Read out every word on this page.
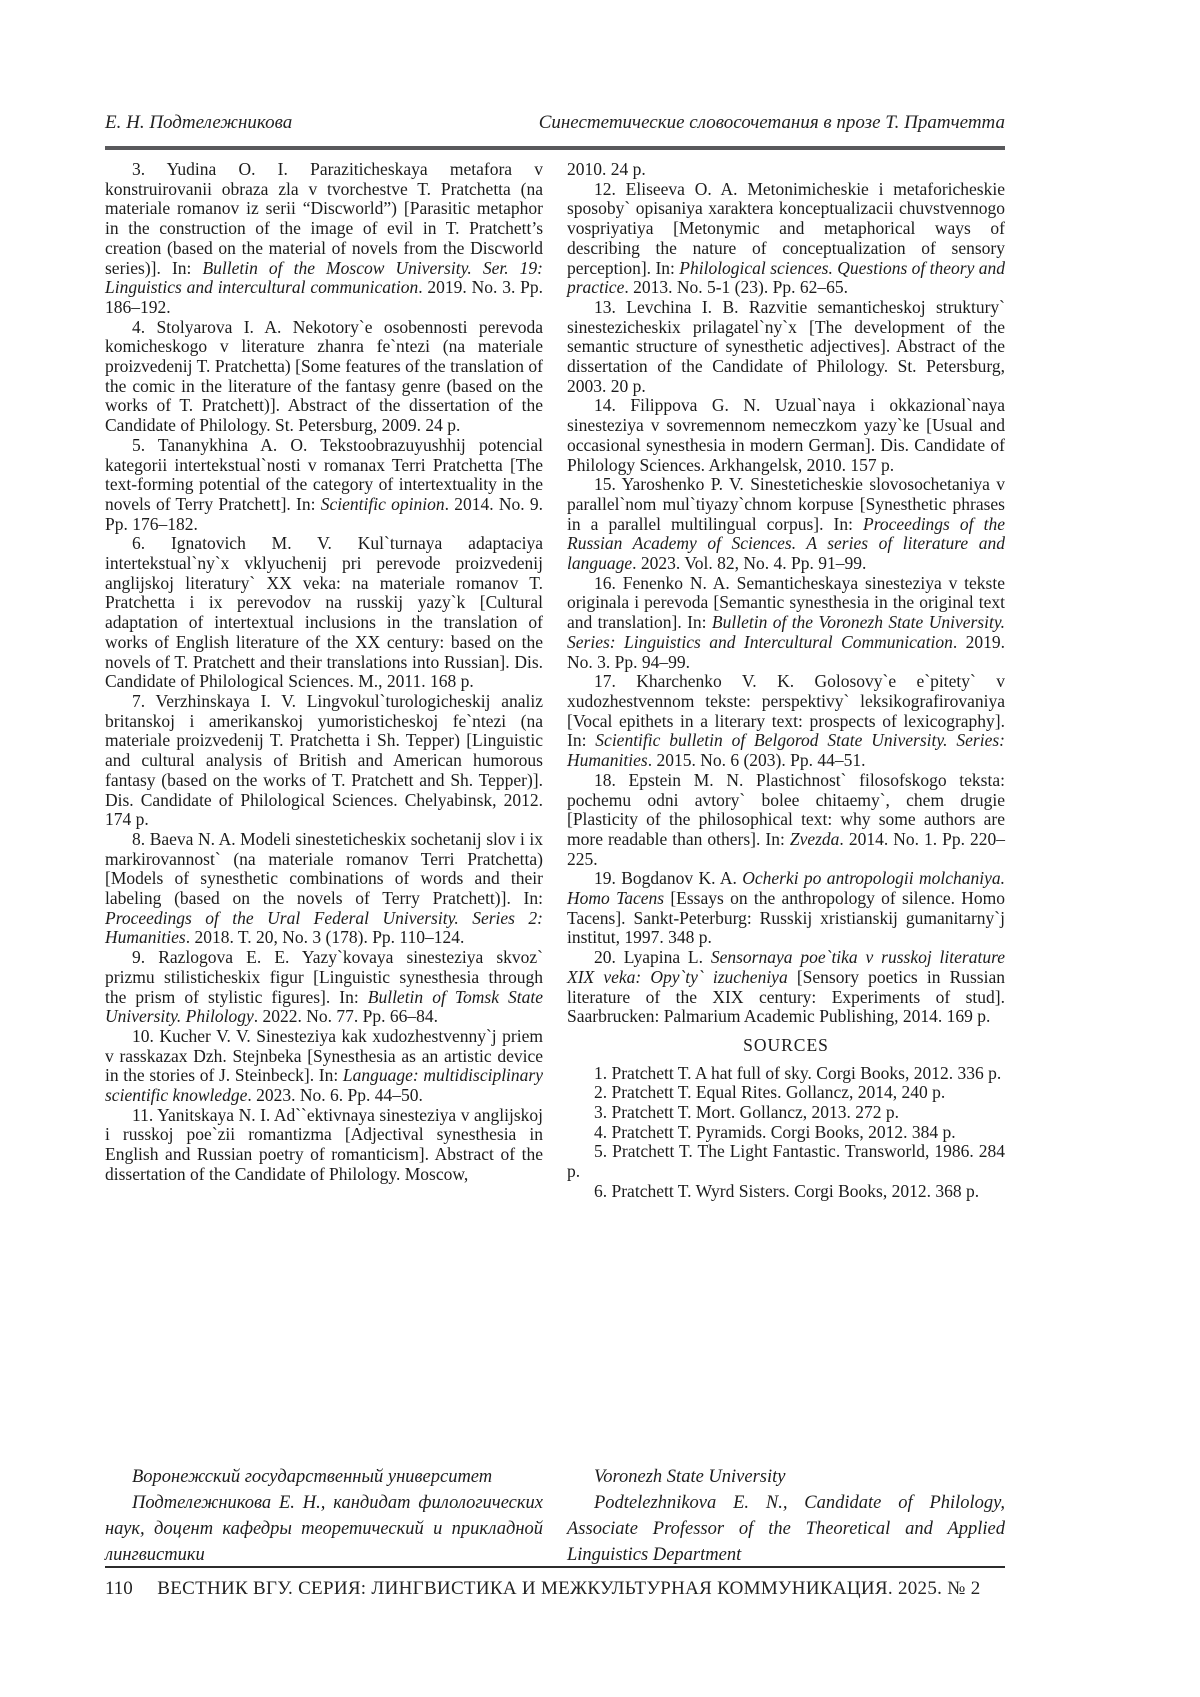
Е. Н. Подтележникова	Синестетические словосочетания в прозе Т. Пратчетта

3. Yudina O. I. Paraziticheskaya metafora v konstruirovanii obraza zla v tvorchestve T. Pratchetta (na materiale romanov iz serii “Discworld”) [Parasitic metaphor in the construction of the image of evil in T. Pratchett’s creation (based on the material of novels from the Discworld series)]. In: Bulletin of the Moscow University. Ser. 19: Linguistics and intercultural communication. 2019. No. 3. Pp. 186–192.

4. Stolyarova I. A. Nekotory`e osobennosti perevoda komicheskogo v literature zhanra fe`ntezi (na materiale proizvedenij T. Pratchetta) [Some features of the translation of the comic in the literature of the fantasy genre (based on the works of T. Pratchett)]. Abstract of the dissertation of the Candidate of Philology. St. Petersburg, 2009. 24 p.

5. Tananykhina A. O. Tekstoobrazuyushhij potencial kategorii intertekstual`nosti v romanax Terri Pratchetta [The text-forming potential of the category of intertextuality in the novels of Terry Pratchett]. In: Scientific opinion. 2014. No. 9. Pp. 176–182.

6. Ignatovich M. V. Kul`turnaya adaptaciya intertekstual`ny`x vklyuchenij pri perevode proizvedenij anglijskoj literatury` XX veka: na materiale romanov T. Pratchetta i ix perevodov na russkij yazy`k [Cultural adaptation of intertextual inclusions in the translation of works of English literature of the XX century: based on the novels of T. Pratchett and their translations into Russian]. Dis. Candidate of Philological Sciences. M., 2011. 168 p.

7. Verzhinskaya I. V. Lingvokul`turologicheskij analiz britanskoj i amerikanskoj yumoristicheskoj fe`ntezi (na materiale proizvedenij T. Pratchetta i Sh. Tepper) [Linguistic and cultural analysis of British and American humorous fantasy (based on the works of T. Pratchett and Sh. Tepper)]. Dis. Candidate of Philological Sciences. Chelyabinsk, 2012. 174 p.

8. Baeva N. A. Modeli sinesteticheskix sochetanij slov i ix markirovannost` (na materiale romanov Terri Pratchetta) [Models of synesthetic combinations of words and their labeling (based on the novels of Terry Pratchett)]. In: Proceedings of the Ural Federal University. Series 2: Humanities. 2018. T. 20, No. 3 (178). Pp. 110–124.

9. Razlogova E. E. Yazy`kovaya sinesteziya skvoz` prizmu stilisticheskix figur [Linguistic synesthesia through the prism of stylistic figures]. In: Bulletin of Tomsk State University. Philology. 2022. No. 77. Pp. 66–84.

10. Kucher V. V. Sinesteziya kak xudozhestvenny`j priem v rasskazax Dzh. Stejnbeka [Synesthesia as an artistic device in the stories of J. Steinbeck]. In: Language: multidisciplinary scientific knowledge. 2023. No. 6. Pp. 44–50.

11. Yanitskaya N. I. Ad``ektivnaya sinesteziya v anglijskoj i russkoj poe`zii romantizma [Adjectival synesthesia in English and Russian poetry of romanticism]. Abstract of the dissertation of the Candidate of Philology. Moscow,

2010. 24 p.

12. Eliseeva O. A. Metonimicheskie i metaforicheskie sposoby` opisaniya xaraktera konceptualizacii chuvstvennogo vospriyatiya [Metonymic and metaphorical ways of describing the nature of conceptualization of sensory perception]. In: Philological sciences. Questions of theory and practice. 2013. No. 5-1 (23). Pp. 62–65.

13. Levchina I. B. Razvitie semanticheskoj struktury` sinestezicheskix prilagatel`ny`x [The development of the semantic structure of synesthetic adjectives]. Abstract of the dissertation of the Candidate of Philology. St. Petersburg, 2003. 20 p.

14. Filippova G. N. Uzual`naya i okkazional`naya sinesteziya v sovremennom nemeczkom yazy`ke [Usual and occasional synesthesia in modern German]. Dis. Candidate of Philology Sciences. Arkhangelsk, 2010. 157 p.

15. Yaroshenko P. V. Sinesteticheskie slovosochetaniya v parallel`nom mul`tiyazy`chnom korpuse [Synesthetic phrases in a parallel multilingual corpus]. In: Proceedings of the Russian Academy of Sciences. A series of literature and language. 2023. Vol. 82, No. 4. Pp. 91–99.

16. Fenenko N. A. Semanticheskaya sinesteziya v tekste originala i perevoda [Semantic synesthesia in the original text and translation]. In: Bulletin of the Voronezh State University. Series: Linguistics and Intercultural Communication. 2019. No. 3. Pp. 94–99.

17. Kharchenko V. K. Golosovy`e e`pitety` v xudozhestvennom tekste: perspektivy` leksikografirovaniya [Vocal epithets in a literary text: prospects of lexicography]. In: Scientific bulletin of Belgorod State University. Series: Humanities. 2015. No. 6 (203). Pp. 44–51.

18. Epstein M. N. Plastichnost` filosofskogo teksta: pochemu odni avtory` bolee chitaemy`, chem drugie [Plasticity of the philosophical text: why some authors are more readable than others]. In: Zvezda. 2014. No. 1. Pp. 220–225.

19. Bogdanov K. A. Ocherki po antropologii molchaniya. Homo Tacens [Essays on the anthropology of silence. Homo Tacens]. Sankt-Peterburg: Russkij xristianskij gumanitarny`j institut, 1997. 348 p.

20. Lyapina L. Sensornaya poe`tika v russkoj literature XIX veka: Opy`ty` izucheniya [Sensory poetics in Russian literature of the XIX century: Experiments of stud]. Saarbrucken: Palmarium Academic Publishing, 2014. 169 p.

SOURCES

1. Pratchett T. A hat full of sky. Corgi Books, 2012. 336 p.

2. Pratchett T. Equal Rites. Gollancz, 2014, 240 p.

3. Pratchett T. Mort. Gollancz, 2013. 272 p.

4. Pratchett T. Pyramids. Corgi Books, 2012. 384 p.

5. Pratchett T. The Light Fantastic. Transworld, 1986. 284 p.

6. Pratchett T. Wyrd Sisters. Corgi Books, 2012. 368 p.

Воронежский государственный университет

Подтележникова Е. Н., кандидат филологических наук, доцент кафедры теоретический и прикладной лингвистики

Voronezh State University

Podtelezhnikova E. N., Candidate of Philology, Associate Professor of the Theoretical and Applied Linguistics Department

110	ВЕСТНИК ВГУ. СЕРИЯ: ЛИНГВИСТИКА И МЕЖКУЛЬТУРНАЯ КОММУНИКАЦИЯ. 2025. № 2
